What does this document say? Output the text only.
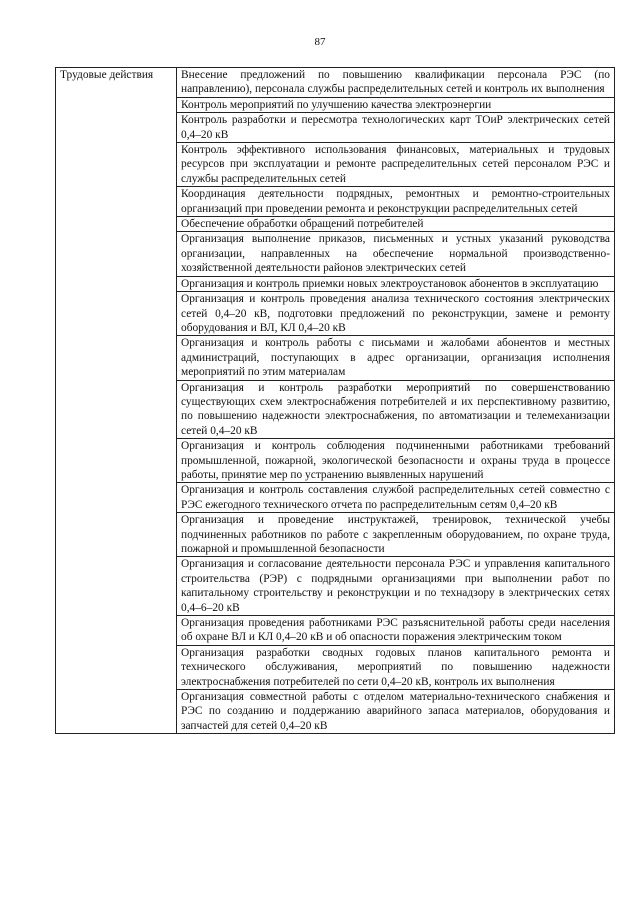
87
Трудовые действия	Внесение предложений по повышению квалификации персонала РЭС (по направлению), персонала службы распределительных сетей и контроль их выполнения
Контроль мероприятий по улучшению качества электроэнергии
Контроль разработки и пересмотра технологических карт ТОиР электрических сетей 0,4–20 кВ
Контроль эффективного использования финансовых, материальных и трудовых ресурсов при эксплуатации и ремонте распределительных сетей персоналом РЭС и службы распределительных сетей
Координация деятельности подрядных, ремонтных и ремонтно-строительных организаций при проведении ремонта и реконструкции распределительных сетей
Обеспечение обработки обращений потребителей
Организация выполнение приказов, письменных и устных указаний руководства организации, направленных на обеспечение нормальной производственно-хозяйственной деятельности районов электрических сетей
Организация и контроль приемки новых электроустановок абонентов в эксплуатацию
Организация и контроль проведения анализа технического состояния электрических сетей 0,4–20 кВ, подготовки предложений по реконструкции, замене и ремонту оборудования и ВЛ, КЛ 0,4–20 кВ
Организация и контроль работы с письмами и жалобами абонентов и местных администраций, поступающих в адрес организации, организация исполнения мероприятий по этим материалам
Организация и контроль разработки мероприятий по совершенствованию существующих схем электроснабжения потребителей и их перспективному развитию, по повышению надежности электроснабжения, по автоматизации и телемеханизации сетей 0,4–20 кВ
Организация и контроль соблюдения подчиненными работниками требований промышленной, пожарной, экологической безопасности и охраны труда в процессе работы, принятие мер по устранению выявленных нарушений
Организация и контроль составления службой распределительных сетей совместно с РЭС ежегодного технического отчета по распределительным сетям 0,4–20 кВ
Организация и проведение инструктажей, тренировок, технической учебы подчиненных работников по работе с закрепленным оборудованием, по охране труда, пожарной и промышленной безопасности
Организация и согласование деятельности персонала РЭС и управления капитального строительства (РЭР) с подрядными организациями при выполнении работ по капитальному строительству и реконструкции и по технадзору в электрических сетях 0,4–6–20 кВ
Организация проведения работниками РЭС разъяснительной работы среди населения об охране ВЛ и КЛ 0,4–20 кВ и об опасности поражения электрическим током
Организация разработки сводных годовых планов капитального ремонта и технического обслуживания, мероприятий по повышению надежности электроснабжения потребителей по сети 0,4–20 кВ, контроль их выполнения
Организация совместной работы с отделом материально-технического снабжения и РЭС по созданию и поддержанию аварийного запаса материалов, оборудования и запчастей для сетей 0,4–20 кВ
